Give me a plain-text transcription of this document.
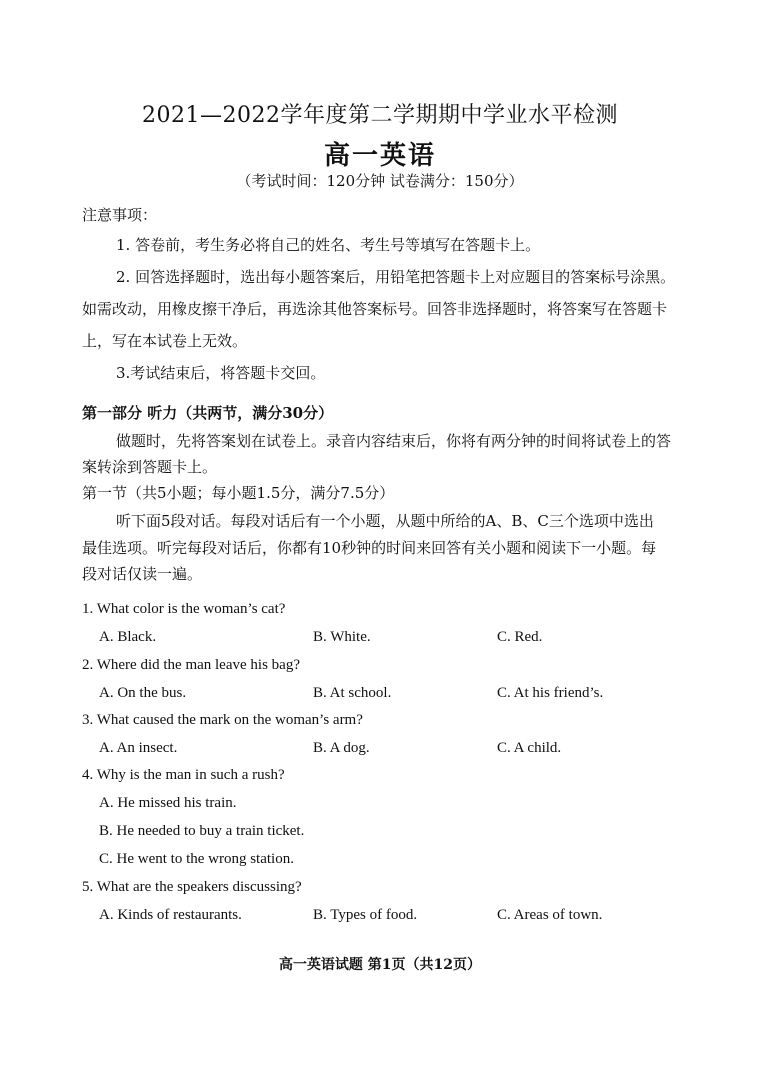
2021—2022学年度第二学期期中学业水平检测
高一英语
（考试时间：120分钟 试卷满分：150分）
注意事项：
1. 答卷前，考生务必将自己的姓名、考生号等填写在答题卡上。
2. 回答选择题时，选出每小题答案后，用铅笔把答题卡上对应题目的答案标号涂黑。
如需改动，用橡皮擦干净后，再选涂其他答案标号。回答非选择题时，将答案写在答题卡
上，写在本试卷上无效。
3.考试结束后，将答题卡交回。
第一部分 听力（共两节，满分30分）
做题时，先将答案划在试卷上。录音内容结束后，你将有两分钟的时间将试卷上的答
案转涂到答题卡上。
第一节（共5小题；每小题1.5分，满分7.5分）
听下面5段对话。每段对话后有一个小题，从题中所给的A、B、C三个选项中选出
最佳选项。听完每段对话后，你都有10秒钟的时间来回答有关小题和阅读下一小题。每
段对话仅读一遍。
1. What color is the woman’s cat?
A. Black.	B. White.	C. Red.
2. Where did the man leave his bag?
A. On the bus.	B. At school.	C. At his friend’s.
3. What caused the mark on the woman’s arm?
A. An insect.	B. A dog.	C. A child.
4. Why is the man in such a rush?
A. He missed his train.
B. He needed to buy a train ticket.
C. He went to the wrong station.
5. What are the speakers discussing?
A. Kinds of restaurants.	B. Types of food.	C. Areas of town.
高一英语试题 第1页（共12页）
